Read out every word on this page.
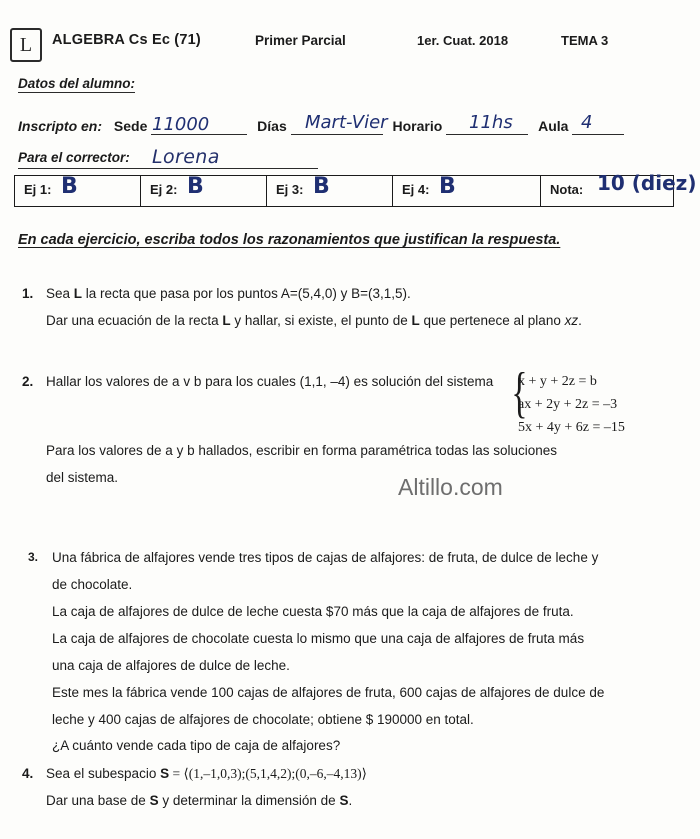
L	ALGEBRA Cs Ec (71)	Primer Parcial	1er. Cuat. 2018	TEMA 3
Datos del alumno:
Inscripto en: Sede	Días	Horario	Aula
11000	Mart-Vier	11hs	4
Para el corrector: Lorena
Ej 1: B	Ej 2: B	Ej 3: B	Ej 4: B	Nota: 10 (diez)
En cada ejercicio, escriba todos los razonamientos que justifican la respuesta.
1. Sea L la recta que pasa por los puntos A=(5,4,0) y B=(3,1,5).

Dar una ecuación de la recta L y hallar, si existe, el punto de L que pertenece al plano xz.

2. Hallar los valores de a v b para los cuales (1,1, –4) es solución del sistema

Para los valores de a y b hallados, escribir en forma paramétrica todas las soluciones

del sistema.

{
x + y + 2z = b
ax + 2y + 2z = –3
5x + 4y + 6z = –15
Altillo.com
3. Una fábrica de alfajores vende tres tipos de cajas de alfajores: de fruta, de dulce de leche y

de chocolate.

La caja de alfajores de dulce de leche cuesta $70 más que la caja de alfajores de fruta.

La caja de alfajores de chocolate cuesta lo mismo que una caja de alfajores de fruta más

una caja de alfajores de dulce de leche.

Este mes la fábrica vende 100 cajas de alfajores de fruta, 600 cajas de alfajores de dulce de

leche y 400 cajas de alfajores de chocolate; obtiene $ 190000 en total.

¿A cuánto vende cada tipo de caja de alfajores?

4. Sea el subespacio S = ⟨(1,–1,0,3);(5,1,4,2);(0,–6,–4,13)⟩

Dar una base de S y determinar la dimensión de S.
